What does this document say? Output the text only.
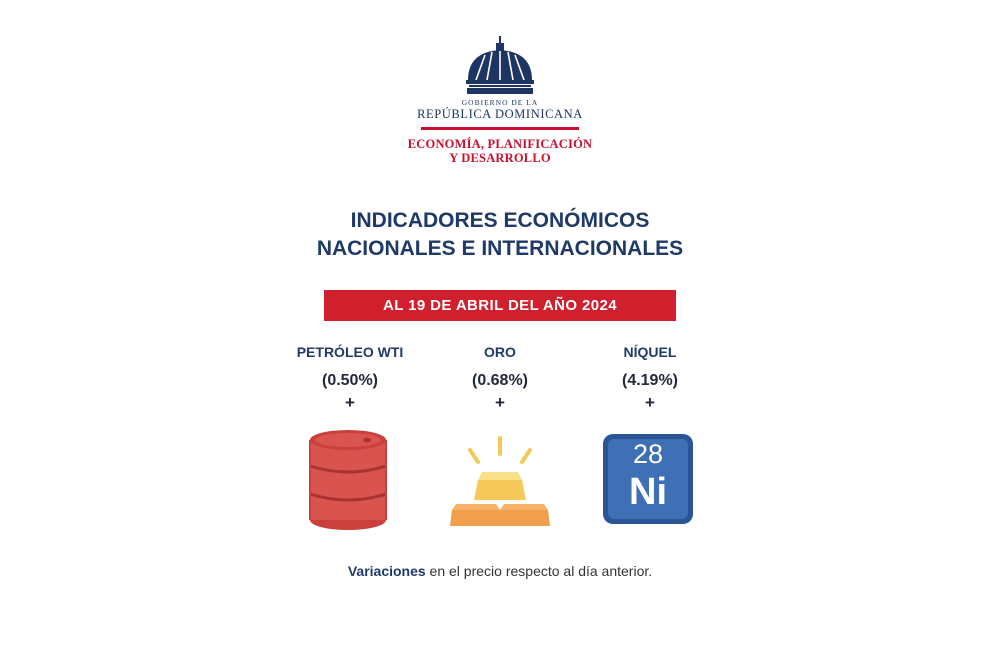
GOBIERNO DE LA
REPÚBLICA DOMINICANA
ECONOMÍA, PLANIFICACIÓN
Y DESARROLLO
INDICADORES ECONÓMICOS
NACIONALES E INTERNACIONALES
AL 19 DE ABRIL DEL AÑO 2024
PETRÓLEO WTI
(0.50%)
+
ORO
(0.68%)
+
NÍQUEL
(4.19%)
+
28
Ni
Variaciones en el precio respecto al día anterior.
